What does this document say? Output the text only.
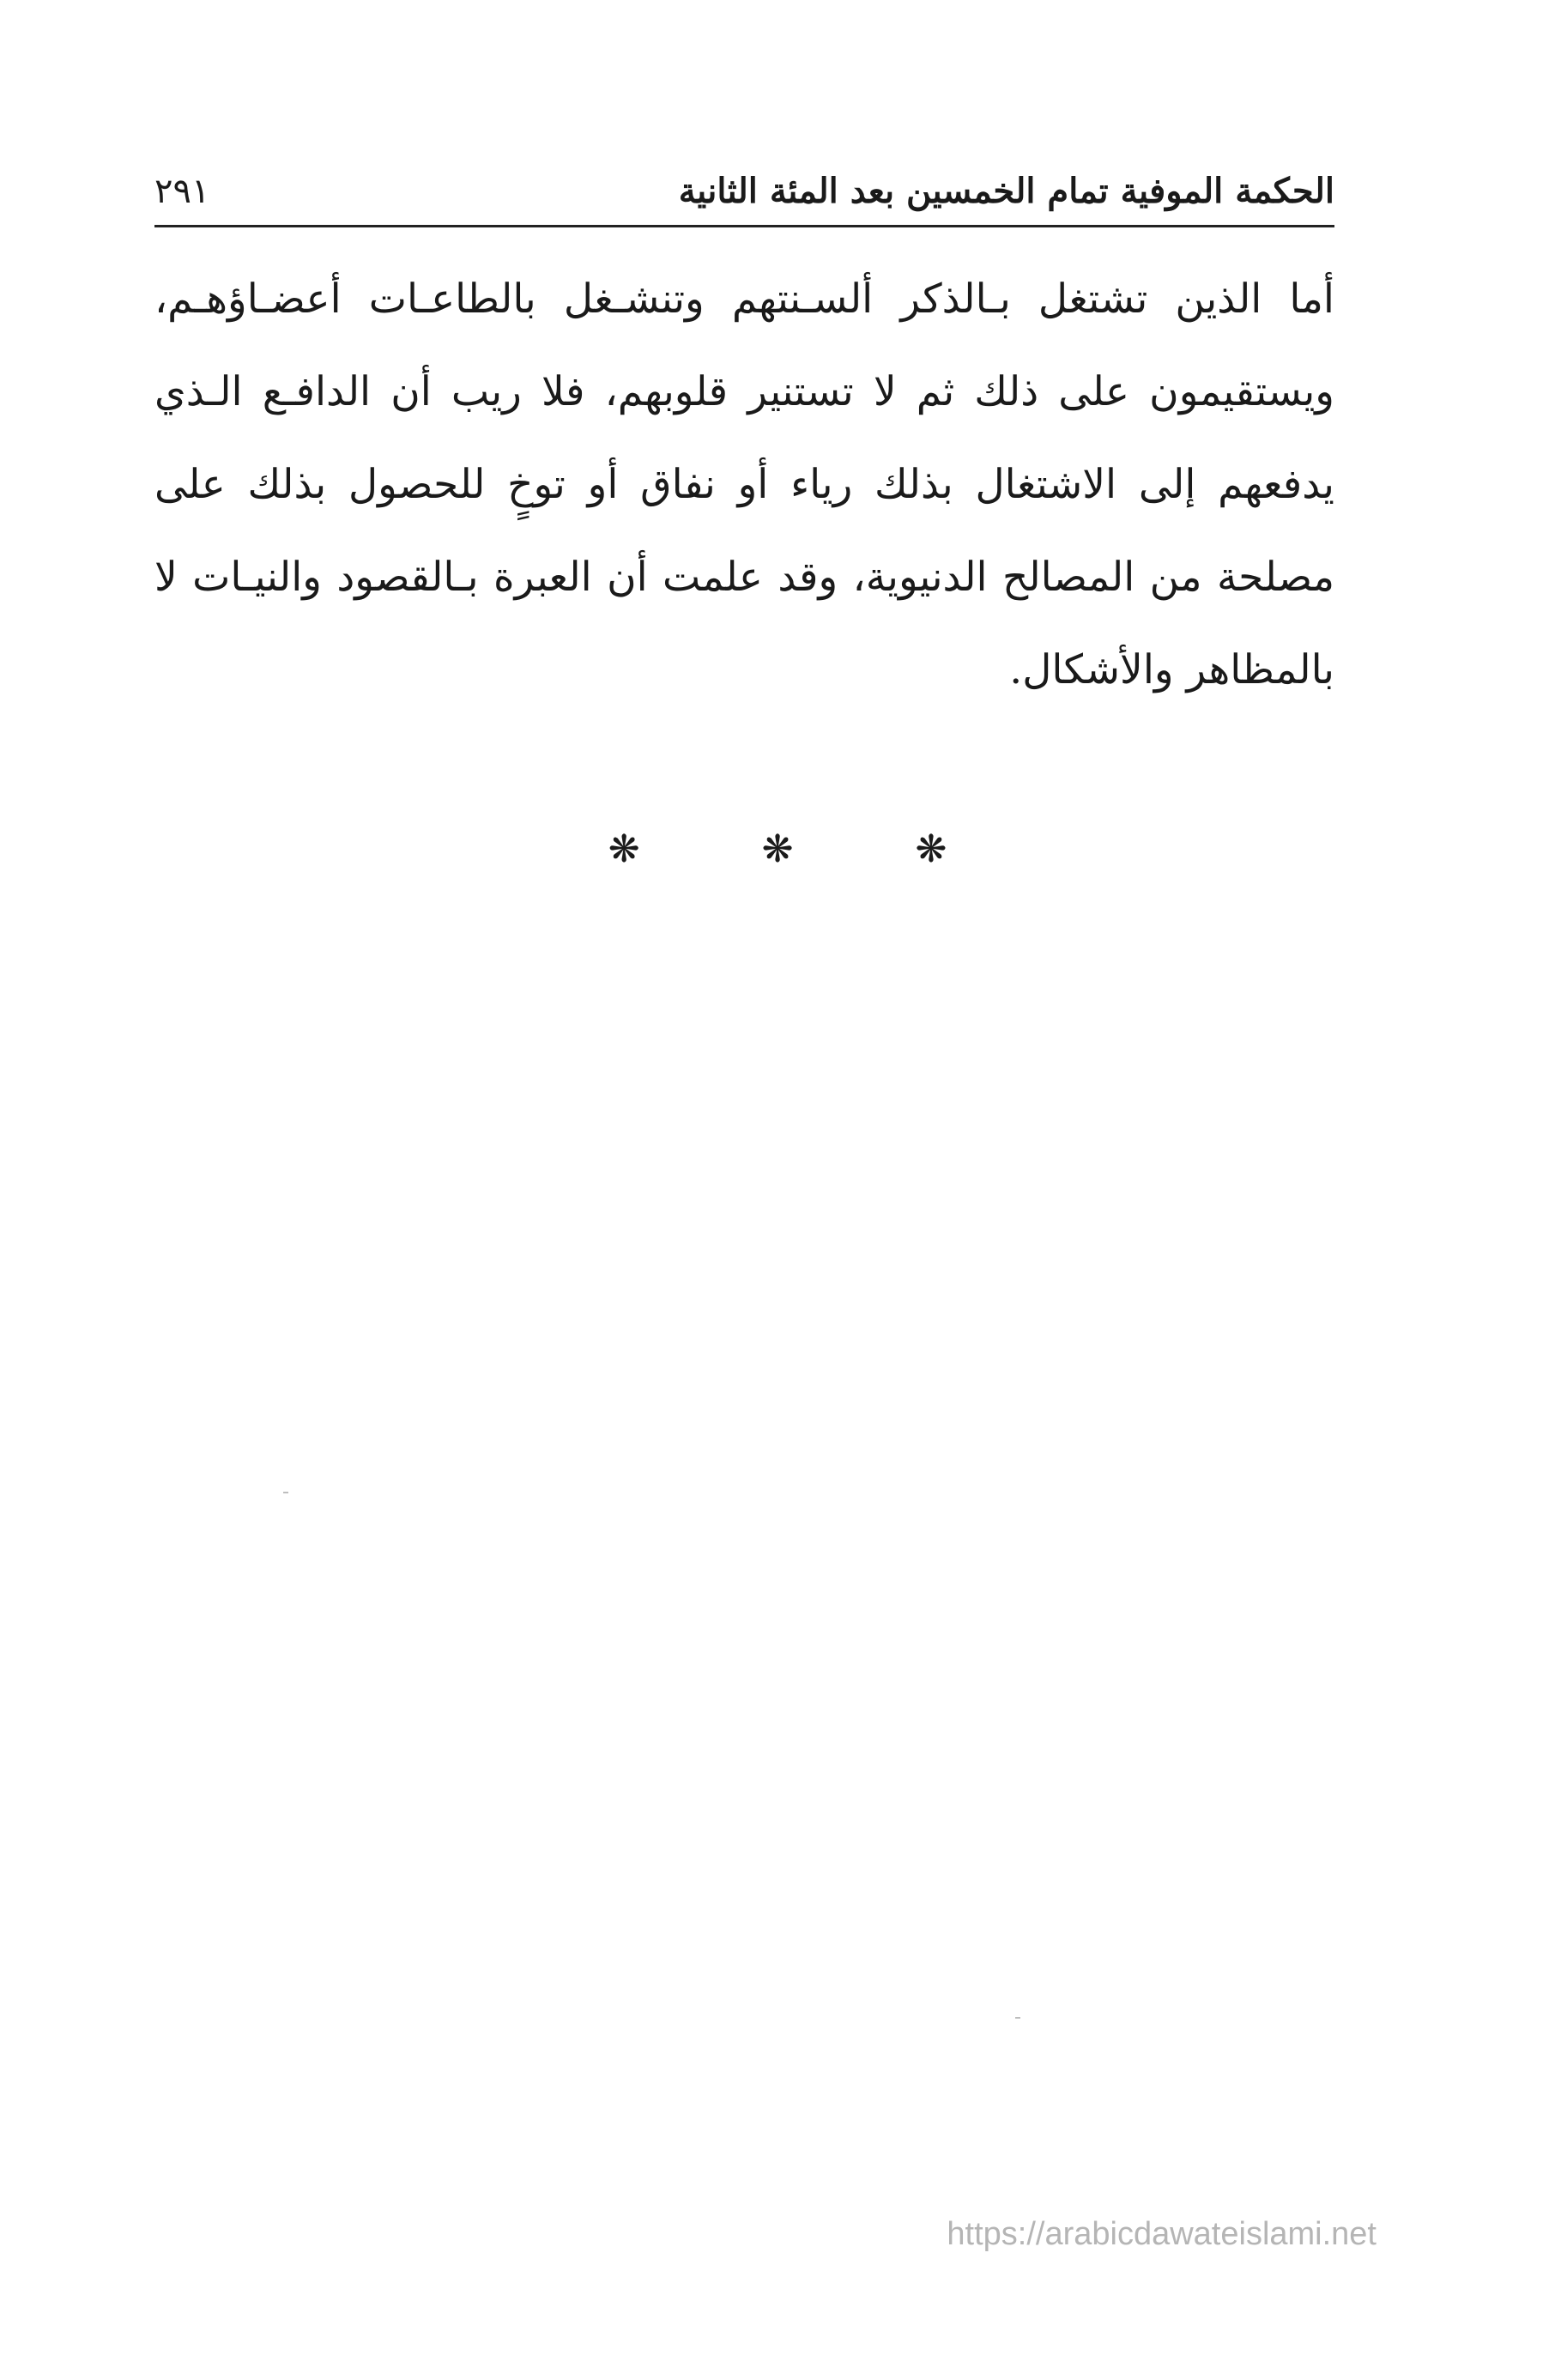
الحكمة الموفية تمام الخمسين بعد المئة الثانية
٢٩١

أما الذين تشتغل بـالذكر ألسـنتهم وتنشـغل بالطاعـات أعضـاؤهـم، ويستقيمون على ذلك ثم لا تستنير قلوبهم، فلا ريب أن الدافـع الـذي يدفعهم إلى الاشتغال بذلك رياء أو نفاق أو توخٍ للحصول بذلك على مصلحة من المصالح الدنيوية، وقد علمت أن العبرة بـالقصود والنيـات لا بالمظاهر والأشكال.

❋ ❋ ❋
https://arabicdawateislami.net
